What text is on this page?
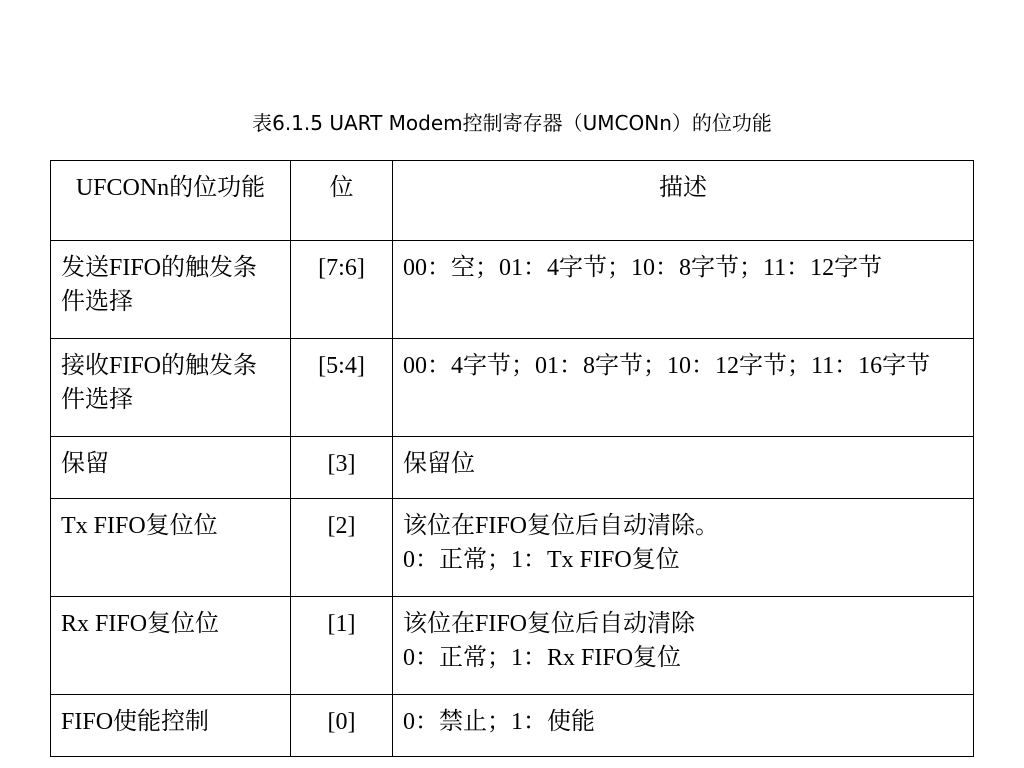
表6.1.5 UART Modem控制寄存器（UMCONn）的位功能
UFCONn的位功能	位	描述
发送FIFO的触发条件选择	[7:6]	00：空；01：4字节；10：8字节；11：12字节

接收FIFO的触发条件选择	[5:4]	00：4字节；01：8字节；10：12字节；11：16字节

保留	[3]	保留位

Tx FIFO复位位	[2]	该位在FIFO复位后自动清除。
0：正常；1：Tx FIFO复位

Rx FIFO复位位	[1]	该位在FIFO复位后自动清除
0：正常；1：Rx FIFO复位

FIFO使能控制	[0]	0：禁止；1：使能
